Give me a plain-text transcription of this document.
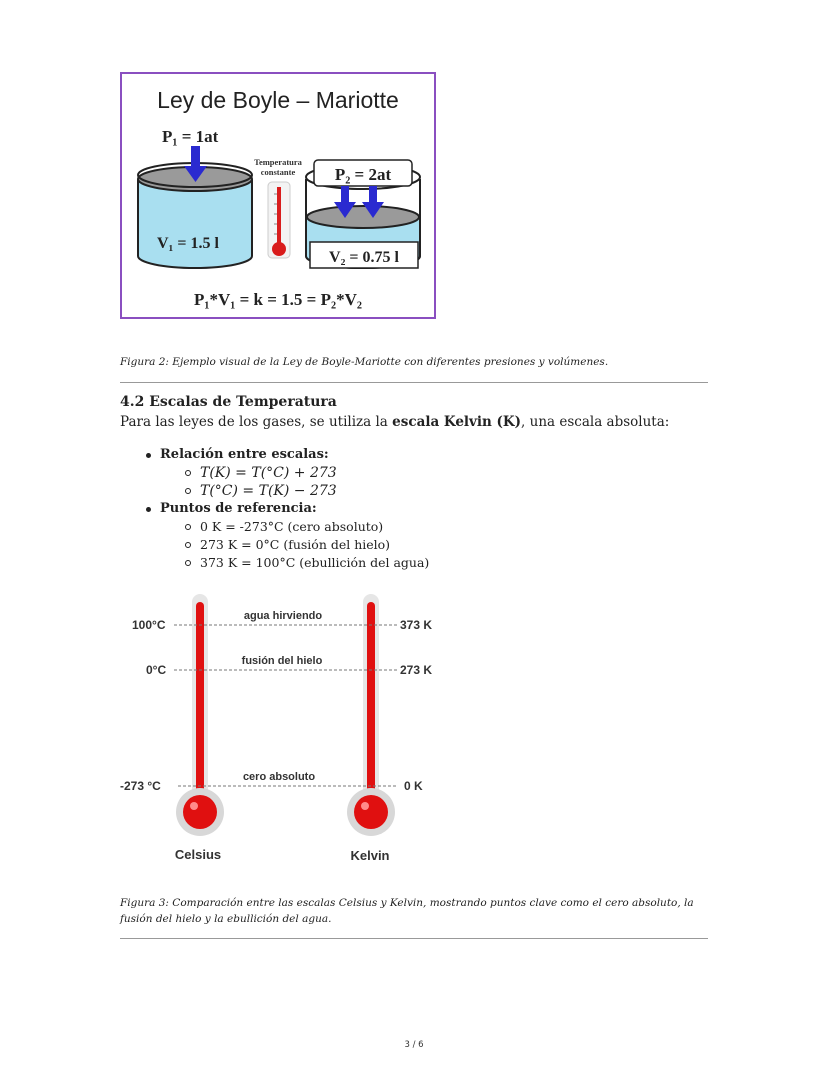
Ley de Boyle – Mariotte
P₁ = 1at
V₁ = 1.5 l
Temperatura
constante P₂ = 2at
V₂ = 0.75 l
P₁*V₁ = k = 1.5 = P₂*V₂
Figura 2: Ejemplo visual de la Ley de Boyle-Mariotte con diferentes presiones y volúmenes.
4.2 Escalas de Temperatura
Para las leyes de los gases, se utiliza la escala Kelvin (K), una escala absoluta:
Relación entre escalas:
T(K) = T(°C) + 273
T(°C) = T(K) − 273
Puntos de referencia:
0 K = -273°C (cero absoluto)
273 K = 0°C (fusión del hielo)
373 K = 100°C (ebullición del agua)
100°C
0°C
-273 °C
373 K
273 K
0 K
agua hirviendo
fusión del hielo
cero absoluto
Celsius	Kelvin
Figura 3: Comparación entre las escalas Celsius y Kelvin, mostrando puntos clave como el cero absoluto, la fusión del hielo y la ebullición del agua.
3 / 6
